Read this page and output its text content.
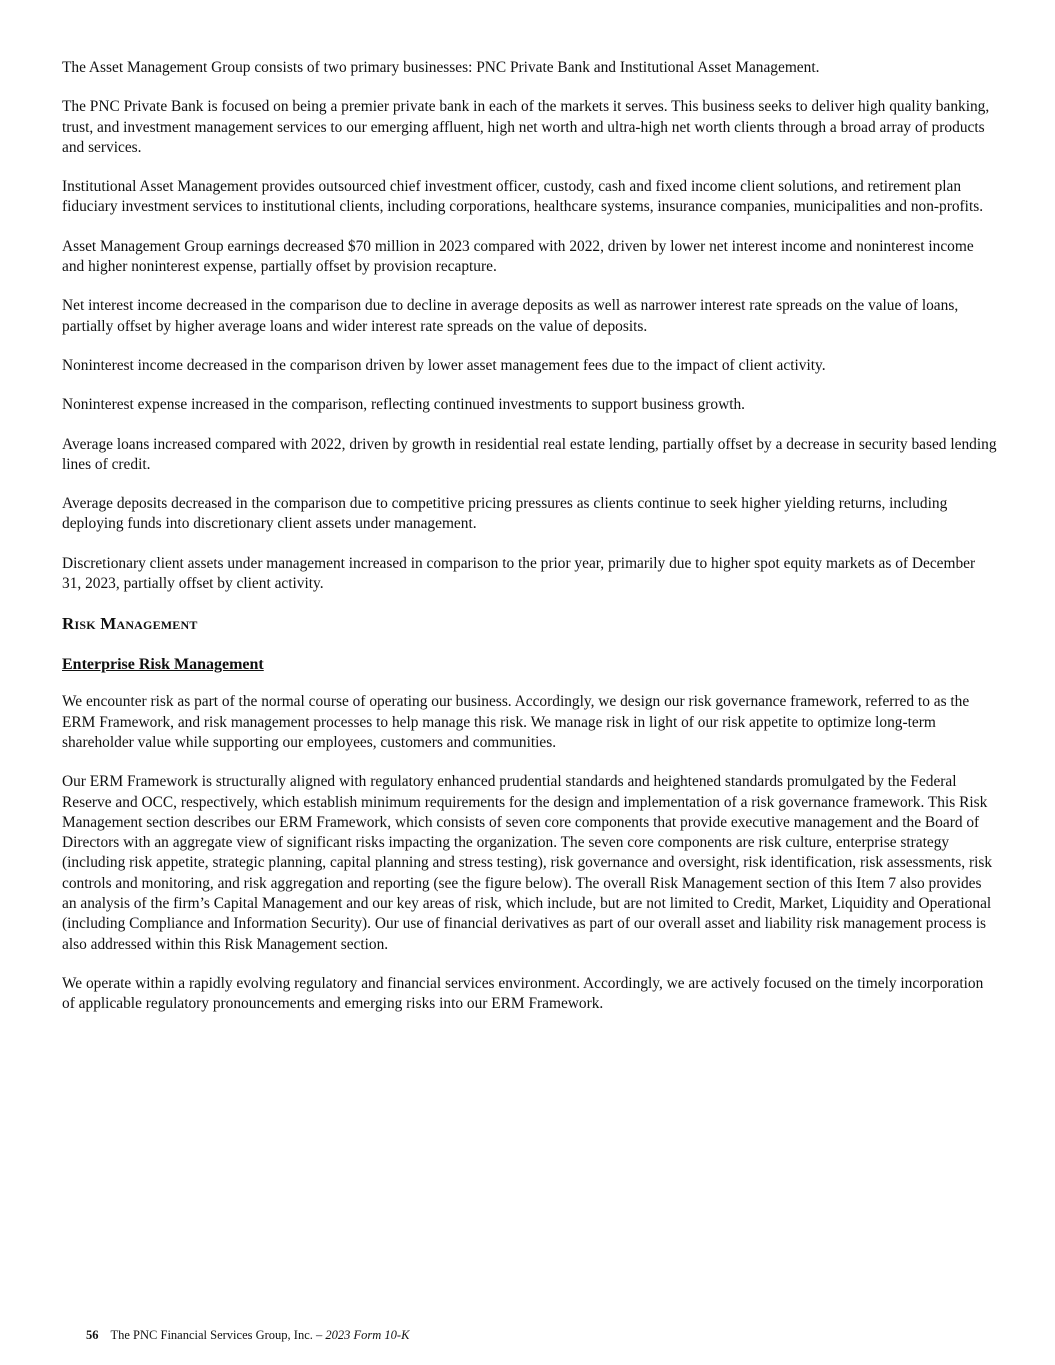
The Asset Management Group consists of two primary businesses: PNC Private Bank and Institutional Asset Management.

The PNC Private Bank is focused on being a premier private bank in each of the markets it serves. This business seeks to deliver high quality banking, trust, and investment management services to our emerging affluent, high net worth and ultra-high net worth clients through a broad array of products and services.

Institutional Asset Management provides outsourced chief investment officer, custody, cash and fixed income client solutions, and retirement plan fiduciary investment services to institutional clients, including corporations, healthcare systems, insurance companies, municipalities and non-profits.

Asset Management Group earnings decreased $70 million in 2023 compared with 2022, driven by lower net interest income and noninterest income and higher noninterest expense, partially offset by provision recapture.

Net interest income decreased in the comparison due to decline in average deposits as well as narrower interest rate spreads on the value of loans, partially offset by higher average loans and wider interest rate spreads on the value of deposits.

Noninterest income decreased in the comparison driven by lower asset management fees due to the impact of client activity.

Noninterest expense increased in the comparison, reflecting continued investments to support business growth.

Average loans increased compared with 2022, driven by growth in residential real estate lending, partially offset by a decrease in security based lending lines of credit.

Average deposits decreased in the comparison due to competitive pricing pressures as clients continue to seek higher yielding returns, including deploying funds into discretionary client assets under management.

Discretionary client assets under management increased in comparison to the prior year, primarily due to higher spot equity markets as of December 31, 2023, partially offset by client activity.

Risk Management
Enterprise Risk Management

We encounter risk as part of the normal course of operating our business. Accordingly, we design our risk governance framework, referred to as the ERM Framework, and risk management processes to help manage this risk. We manage risk in light of our risk appetite to optimize long-term shareholder value while supporting our employees, customers and communities.

Our ERM Framework is structurally aligned with regulatory enhanced prudential standards and heightened standards promulgated by the Federal Reserve and OCC, respectively, which establish minimum requirements for the design and implementation of a risk governance framework. This Risk Management section describes our ERM Framework, which consists of seven core components that provide executive management and the Board of Directors with an aggregate view of significant risks impacting the organization. The seven core components are risk culture, enterprise strategy (including risk appetite, strategic planning, capital planning and stress testing), risk governance and oversight, risk identification, risk assessments, risk controls and monitoring, and risk aggregation and reporting (see the figure below). The overall Risk Management section of this Item 7 also provides an analysis of the firm’s Capital Management and our key areas of risk, which include, but are not limited to Credit, Market, Liquidity and Operational (including Compliance and Information Security). Our use of financial derivatives as part of our overall asset and liability risk management process is also addressed within this Risk Management section.

We operate within a rapidly evolving regulatory and financial services environment. Accordingly, we are actively focused on the timely incorporation of applicable regulatory pronouncements and emerging risks into our ERM Framework.

56 The PNC Financial Services Group, Inc. – 2023 Form 10-K
